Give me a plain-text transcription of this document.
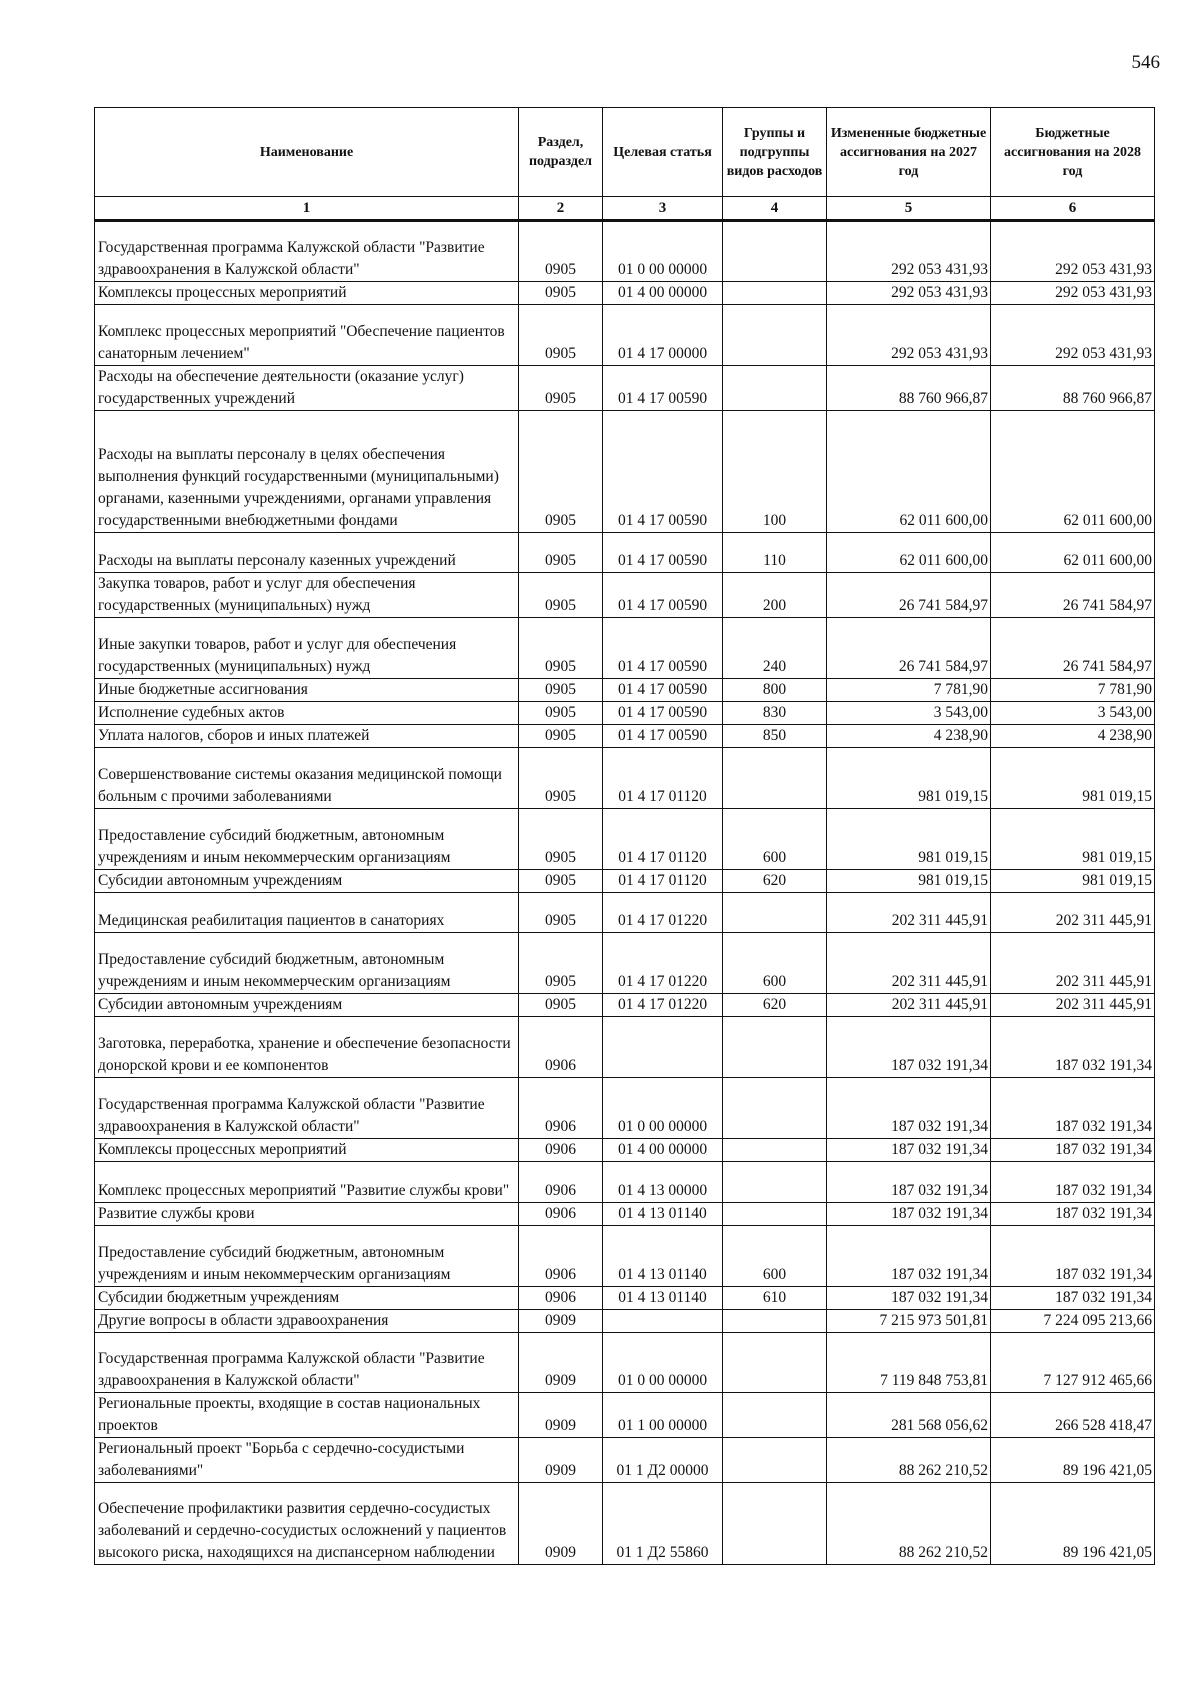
546
Наименование	Раздел, подраздел	Целевая статья	Группы и подгруппы видов расходов	Измененные бюджетные ассигнования на 2027 год	Бюджетные ассигнования на 2028 год
1	2	3	4	5	6
Государственная программа Калужской области "Развитие здравоохранения в Калужской области"	0905	01 0 00 00000		292 053 431,93	292 053 431,93
Комплексы процессных мероприятий	0905	01 4 00 00000		292 053 431,93	292 053 431,93
Комплекс процессных мероприятий "Обеспечение пациентов санаторным лечением"	0905	01 4 17 00000		292 053 431,93	292 053 431,93
Расходы на обеспечение деятельности (оказание услуг) государственных учреждений	0905	01 4 17 00590		88 760 966,87	88 760 966,87
Расходы на выплаты персоналу в целях обеспечения выполнения функций государственными (муниципальными) органами, казенными учреждениями, органами управления государственными внебюджетными фондами	0905	01 4 17 00590	100	62 011 600,00	62 011 600,00
Расходы на выплаты персоналу казенных учреждений	0905	01 4 17 00590	110	62 011 600,00	62 011 600,00
Закупка товаров, работ и услуг для обеспечения государственных (муниципальных) нужд	0905	01 4 17 00590	200	26 741 584,97	26 741 584,97
Иные закупки товаров, работ и услуг для обеспечения государственных (муниципальных) нужд	0905	01 4 17 00590	240	26 741 584,97	26 741 584,97
Иные бюджетные ассигнования	0905	01 4 17 00590	800	7 781,90	7 781,90
Исполнение судебных актов	0905	01 4 17 00590	830	3 543,00	3 543,00
Уплата налогов, сборов и иных платежей	0905	01 4 17 00590	850	4 238,90	4 238,90
Совершенствование системы оказания медицинской помощи больным с прочими заболеваниями	0905	01 4 17 01120		981 019,15	981 019,15
Предоставление субсидий бюджетным, автономным учреждениям и иным некоммерческим организациям	0905	01 4 17 01120	600	981 019,15	981 019,15
Субсидии автономным учреждениям	0905	01 4 17 01120	620	981 019,15	981 019,15
Медицинская реабилитация пациентов в санаториях	0905	01 4 17 01220		202 311 445,91	202 311 445,91
Предоставление субсидий бюджетным, автономным учреждениям и иным некоммерческим организациям	0905	01 4 17 01220	600	202 311 445,91	202 311 445,91
Субсидии автономным учреждениям	0905	01 4 17 01220	620	202 311 445,91	202 311 445,91
Заготовка, переработка, хранение и обеспечение безопасности донорской крови и ее компонентов	0906			187 032 191,34	187 032 191,34
Государственная программа Калужской области "Развитие здравоохранения в Калужской области"	0906	01 0 00 00000		187 032 191,34	187 032 191,34
Комплексы процессных мероприятий	0906	01 4 00 00000		187 032 191,34	187 032 191,34
Комплекс процессных мероприятий "Развитие службы крови"	0906	01 4 13 00000		187 032 191,34	187 032 191,34
Развитие службы крови	0906	01 4 13 01140		187 032 191,34	187 032 191,34
Предоставление субсидий бюджетным, автономным учреждениям и иным некоммерческим организациям	0906	01 4 13 01140	600	187 032 191,34	187 032 191,34
Субсидии бюджетным учреждениям	0906	01 4 13 01140	610	187 032 191,34	187 032 191,34
Другие вопросы в области здравоохранения	0909			7 215 973 501,81	7 224 095 213,66
Государственная программа Калужской области "Развитие здравоохранения в Калужской области"	0909	01 0 00 00000		7 119 848 753,81	7 127 912 465,66
Региональные проекты, входящие в состав национальных проектов	0909	01 1 00 00000		281 568 056,62	266 528 418,47
Региональный проект "Борьба с сердечно-сосудистыми заболеваниями"	0909	01 1 Д2 00000		88 262 210,52	89 196 421,05
Обеспечение профилактики развития сердечно-сосудистых заболеваний и сердечно-сосудистых осложнений у пациентов высокого риска, находящихся на диспансерном наблюдении	0909	01 1 Д2 55860		88 262 210,52	89 196 421,05
